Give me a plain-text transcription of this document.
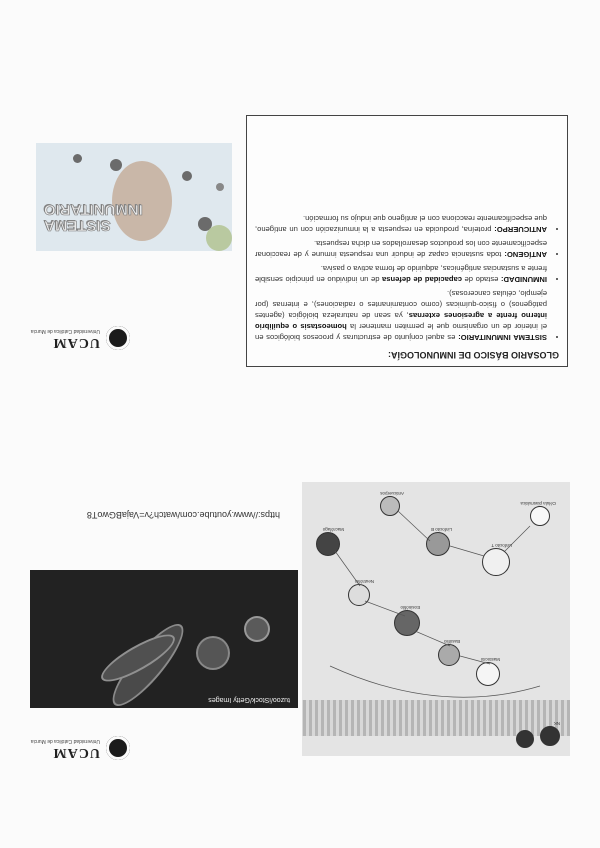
UCAM
Universidad Católica de Murcia
GLOSARIO BÁSICO DE INMUNOLOGÍA:
• SISTEMA INMUNITARIO: es aquel conjunto de estructuras y procesos biológicos en el interior de un organismo que le permiten mantener la homeostasis o equilibrio interno frente a agresiones externas, ya sean de naturaleza biológica (agentes patógenos) o físico-químicas (como contaminantes o radiaciones), e internas (por ejemplo, células cancerosas).
• INMUNIDAD: estado de capacidad de defensa de un individuo en principio sensible frente a sustancias antigénicas, adquirido de forma activa o pasiva.
• ANTÍGENO: toda sustancia capaz de inducir una respuesta inmune y de reaccionar específicamente con los productos desarrollados en dicha respuesta.
• ANTICUERPO: proteína, producida en respuesta a la inmunización con un antígeno, que específicamente reacciona con el antígeno que indujo su formación.
SISTEMA
INMUNITARIO
UCAM
Universidad Católica de Murcia
tuzoo/iStock/Getty Images
https://www.youtube.com/watch?v=VajaBGwoT8
NK
Mastocito
Basófilo
Eosinófilo
Neutrófilo
Macrófago
Linfocito T
Linfocito B
Célula plasmática
Anticuerpos
